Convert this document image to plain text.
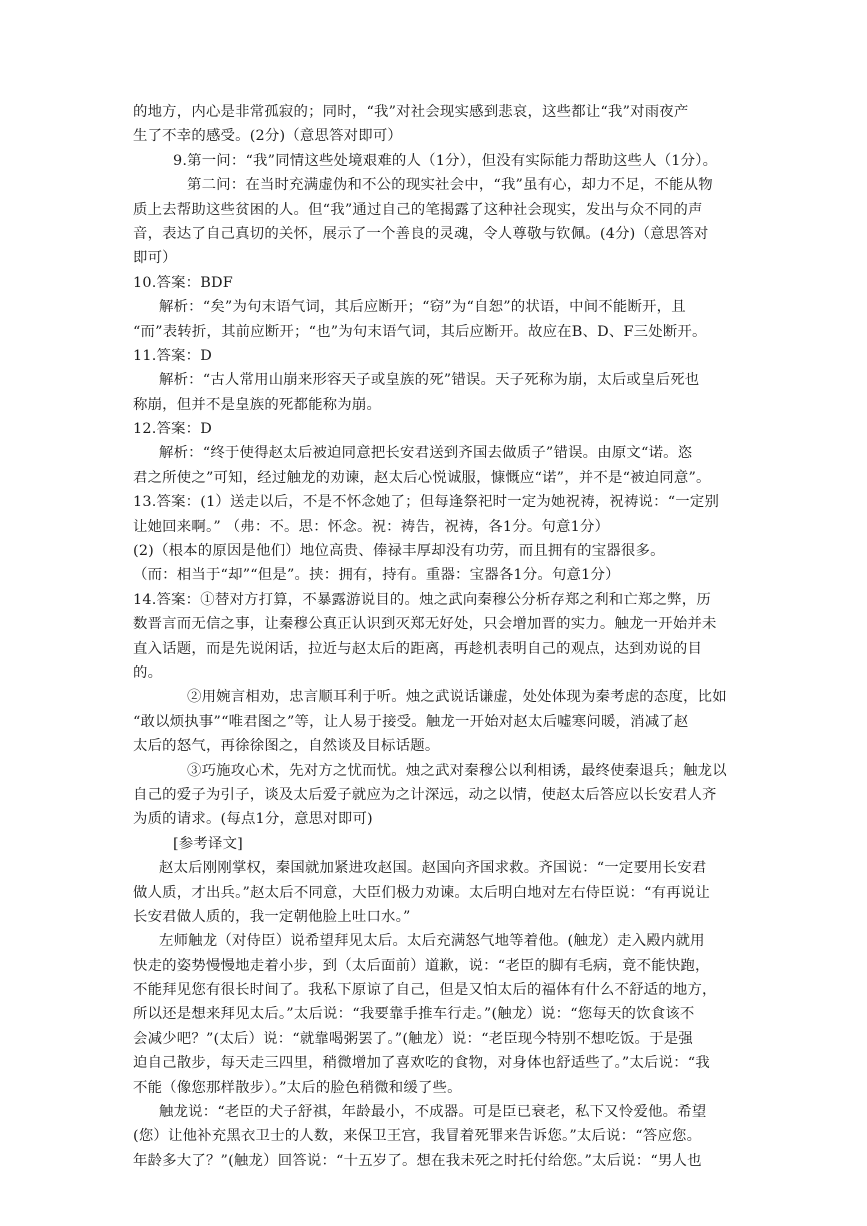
的地方，内心是非常孤寂的；同时，“我”对社会现实感到悲哀，这些都让“我”对雨夜产
生了不幸的感受。(2分)（意思答对即可）
9.第一问：“我”同情这些处境艰难的人（1分），但没有实际能力帮助这些人（1分）。
第二问：在当时充满虚伪和不公的现实社会中，“我”虽有心，却力不足，不能从物
质上去帮助这些贫困的人。但“我”通过自己的笔揭露了这种社会现实，发出与众不同的声
音，表达了自己真切的关怀，展示了一个善良的灵魂，令人尊敬与钦佩。(4分)（意思答对
即可）
10.答案：BDF
解析：“矣”为句末语气词，其后应断开；“窃”为“自恕”的状语，中间不能断开，且
“而”表转折，其前应断开；“也”为句末语气词，其后应断开。故应在B、D、F三处断开。
11.答案：D
解析：“古人常用山崩来形容天子或皇族的死”错误。天子死称为崩，太后或皇后死也
称崩，但并不是皇族的死都能称为崩。
12.答案：D
解析：“终于使得赵太后被迫同意把长安君送到齐国去做质子”错误。由原文“诺。恣
君之所使之”可知，经过触龙的劝谏，赵太后心悦诚服，慷慨应“诺”，并不是“被迫同意”。
13.答案：(1）送走以后，不是不怀念她了；但每逢祭祀时一定为她祝祷，祝祷说：“一定别
让她回来啊。” （弗：不。思：怀念。祝：祷告，祝祷，各1分。句意1分）
(2)（根本的原因是他们）地位高贵、俸禄丰厚却没有功劳，而且拥有的宝器很多。
（而：相当于“却”“但是”。挟：拥有，持有。重器：宝器各1分。句意1分）
14.答案：①替对方打算，不暴露游说目的。烛之武向秦穆公分析存郑之利和亡郑之弊，历
数晋言而无信之事，让秦穆公真正认识到灭郑无好处，只会增加晋的实力。触龙一开始并未
直入话题，而是先说闲话，拉近与赵太后的距离，再趁机表明自己的观点，达到劝说的目
的。
②用婉言相劝，忠言顺耳利于听。烛之武说话谦虚，处处体现为秦考虑的态度，比如
“敢以烦执事”“唯君图之”等，让人易于接受。触龙一开始对赵太后嘘寒问暖，消减了赵
太后的怒气，再徐徐图之，自然谈及目标话题。
③巧施攻心术，先对方之忧而忧。烛之武对秦穆公以利相诱，最终使秦退兵；触龙以
自己的爱子为引子，谈及太后爱子就应为之计深远，动之以情，使赵太后答应以长安君人齐
为质的请求。(每点1分，意思对即可)
[参考译文]
赵太后刚刚掌权，秦国就加紧进攻赵国。赵国向齐国求救。齐国说：“一定要用长安君
做人质，才出兵。”赵太后不同意，大臣们极力劝谏。太后明白地对左右侍臣说：“有再说让
长安君做人质的，我一定朝他脸上吐口水。”
左师触龙（对侍臣）说希望拜见太后。太后充满怒气地等着他。(触龙）走入殿内就用
快走的姿势慢慢地走着小步，到（太后面前）道歉，说：“老臣的脚有毛病，竟不能快跑，
不能拜见您有很长时间了。我私下原谅了自己，但是又怕太后的福体有什么不舒适的地方，
所以还是想来拜见太后。”太后说：“我要靠手推车行走。”(触龙）说：“您每天的饮食该不
会减少吧？”(太后）说：“就靠喝粥罢了。”(触龙）说：“老臣现今特别不想吃饭。于是强
迫自己散步，每天走三四里，稍微增加了喜欢吃的食物，对身体也舒适些了。”太后说：“我
不能（像您那样散步）。”太后的脸色稍微和缓了些。
触龙说：“老臣的犬子舒祺，年龄最小，不成器。可是臣已衰老，私下又怜爱他。希望
(您）让他补充黑衣卫士的人数，来保卫王宫，我冒着死罪来告诉您。”太后说：“答应您。
年龄多大了？”(触龙）回答说：“十五岁了。想在我未死之时托付给您。”太后说：“男人也
